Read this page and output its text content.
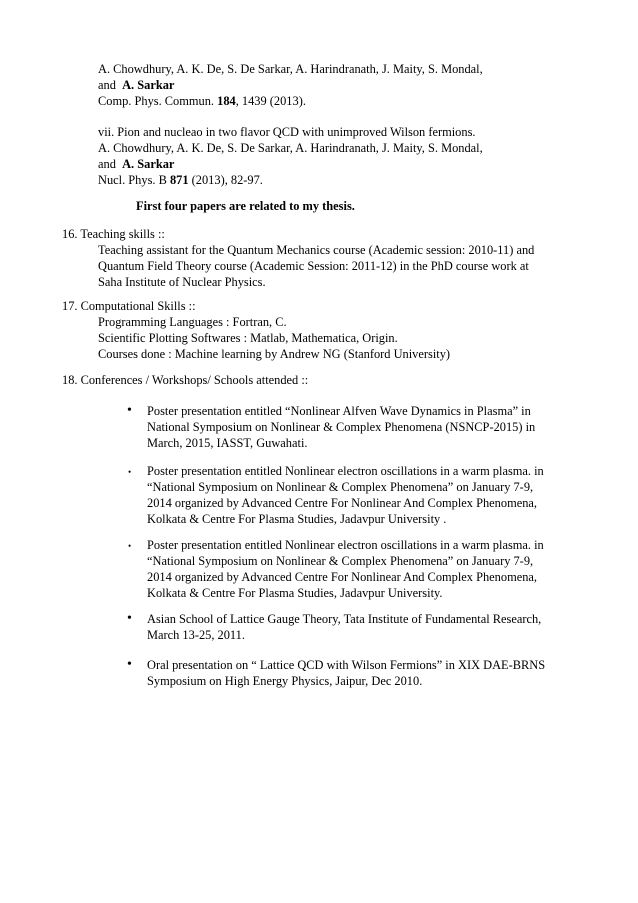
A. Chowdhury, A. K. De, S. De Sarkar, A. Harindranath, J. Maity, S. Mondal,
and A. Sarkar
Comp. Phys. Commun. 184, 1439 (2013).
vii. Pion and nucleao in two flavor QCD with unimproved Wilson fermions.
A. Chowdhury, A. K. De, S. De Sarkar, A. Harindranath, J. Maity, S. Mondal,
and A. Sarkar
Nucl. Phys. B 871 (2013), 82-97.
First four papers are related to my thesis.
16. Teaching skills ::
Teaching assistant for the Quantum Mechanics course (Academic session: 2010-11) and
Quantum Field Theory course (Academic Session: 2011-12) in the PhD course work at
Saha Institute of Nuclear Physics.
17. Computational Skills ::
Programming Languages : Fortran, C.
Scientific Plotting Softwares : Matlab, Mathematica, Origin.
Courses done : Machine learning by Andrew NG (Stanford University)
18. Conferences / Workshops/ Schools attended ::
• Poster presentation entitled “Nonlinear Alfven Wave Dynamics in Plasma” in
National Symposium on Nonlinear & Complex Phenomena (NSNCP-2015) in
March, 2015, IASST, Guwahati.
• Poster presentation entitled Nonlinear electron oscillations in a warm plasma. in
“National Symposium on Nonlinear & Complex Phenomena” on January 7-9,
2014 organized by Advanced Centre For Nonlinear And Complex Phenomena,
Kolkata & Centre For Plasma Studies, Jadavpur University .
• Poster presentation entitled Nonlinear electron oscillations in a warm plasma. in
“National Symposium on Nonlinear & Complex Phenomena” on January 7-9,
2014 organized by Advanced Centre For Nonlinear And Complex Phenomena,
Kolkata & Centre For Plasma Studies, Jadavpur University.
• Asian School of Lattice Gauge Theory, Tata Institute of Fundamental Research,
March 13-25, 2011.
• Oral presentation on “ Lattice QCD with Wilson Fermions” in XIX DAE-BRNS
Symposium on High Energy Physics, Jaipur, Dec 2010.
